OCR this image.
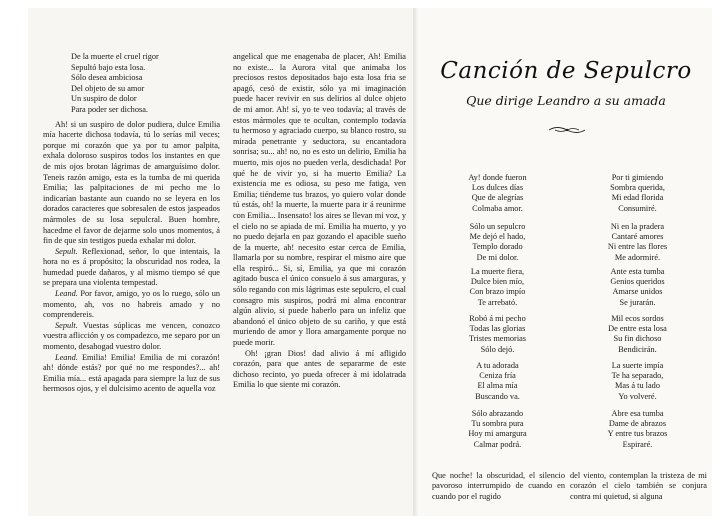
De la muerte el cruel rigor
Sepultó bajo esta losa.
Sólo desea ambiciosa
Del objeto de su amor
Un suspiro de dolor
Para poder ser dichosa.

Ah! si un suspiro de dolor pudiera, dulce Emilia mía hacerte dichosa todavía, tú lo serías mil veces; porque mi corazón que ya por tu amor palpita, exhala doloroso suspiros todos los instantes en que de mis ojos brotan lágrimas de amarguísimo dolor. Teneis razón amigo, esta es la tumba de mi querida Emilia; las palpitaciones de mi pecho me lo indicarían bastante aun cuando no se leyera en los dorados caracteres que sobresalen de estos jaspeados mármoles de su losa sepulcral. Buen hombre, hacedme el favor de dejarme solo unos momentos, á fin de que sin testigos pueda exhalar mi dolor.

Sepult. Reflexionad, señor, lo que intentais, la hora no es á propósito; la obscuridad nos rodea, la humedad puede dañaros, y al mismo tiempo sé que se prepara una violenta tempestad.

Leand. Por favor, amigo, yo os lo ruego, sólo un momento, ah, vos no habreis amado y no comprendereis.

Sepult. Vuestas súplicas me vencen, conozco vuestra aflicción y os compadezco, me separo por un momento, desahogad vuestro dolor.

Leand. Emilia! Emilia! Emilia de mi corazón! ah! dónde estás? por qué no me respondes?... ah! Emilia mía... está apagada para siempre la luz de sus hermosos ojos, y el dulcisimo acento de aquella voz

angelical que me enagenaba de placer, Ah! Emilia no existe... la Aurora vital que animaba los preciosos restos depositados bajo esta losa fria se apagó, cesó de existir, sólo ya mi imaginación puede hacer revivir en sus delirios al dulce objeto de mi amor. Ah! sí, yo te veo todavía; al través de estos mármoles que te ocultan, contemplo todavía tu hermoso y agraciado cuerpo, su blanco rostro, su mirada penetrante y seductora, su encantadora sonrisa; su... ah! no, no es esto un delirio, Emilia ha muerto, mis ojos no pueden verla, desdichada! Por qué he de vivir yo, si ha muerto Emilia? La existencia me es odiosa, su peso me fatiga, ven Emilia; tiéndeme tus brazos, yo quiero volar donde tú estás, oh! la muerte, la muerte para ir á reunirme con Emilia... Insensato! los aires se llevan mi voz, y el cielo no se apiada de mí. Emilia ha muerto, y yo no puedo dejarla en paz gozando el apacible sueño de la muerte, ah! necesito estar cerca de Emilia, llamarla por su nombre, respirar el mismo aire que ella respiró... Si, sí, Emilia, ya que mi corazón agitado busca el único consuelo á sus amarguras, y sólo regando con mis lágrimas este sepulcro, el cual consagro mis suspiros, podrá mi alma encontrar algún alivio, si puede haberlo para un infeliz que abandonó el único objeto de su cariño, y que está muriendo de amor y llora amargamente porque no puede morir.

Oh! ¡gran Dios! dad alivio á mí afligido corazón, para que antes de separarme de este dichoso recinto, yo pueda ofrecer á mi idolatrada Emilia lo que siente mi corazón.

Canción de Sepulcro
Que dirige Leandro a su amada
Ay! donde fueron
Los dulces días
Que de alegrías
Colmaba amor.
Sólo un sepulcro
Me dejó el hado,
Templo dorado
De mi dolor.
La muerte fiera,
Dulce bien mío,
Con brazo impío
Te arrebató.
Robó á mi pecho
Todas las glorias
Tristes memorias
Sólo dejó.
A tu adorada
Ceniza fría
El alma mía
Buscando va.
Sólo abrazando
Tu sombra pura
Hoy mi amargura
Calmar podrá.
Por ti gimiendo
Sombra querida,
Mi edad florida
Consumiré.
Ni en la pradera
Cantaré amores
Ni entre las flores
Me adormiré.
Ante esta tumba
Genios queridos
Amarse unidos
Se jurarán.
Mil ecos sordos
De entre esta losa
Su fin dichoso
Bendicirán.
La suerte impía
Te ha separado,
Mas á tu lado
Yo volveré.
Abre esa tumba
Dame de abrazos
Y entre tus brazos
Espiraré.
Que noche! la obscuridad, el silencio pavoroso interrumpido de cuando en cuando por el rugido
del viento, contemplan la tristeza de mi corazón el cielo también se conjura contra mi quietud, si alguna
